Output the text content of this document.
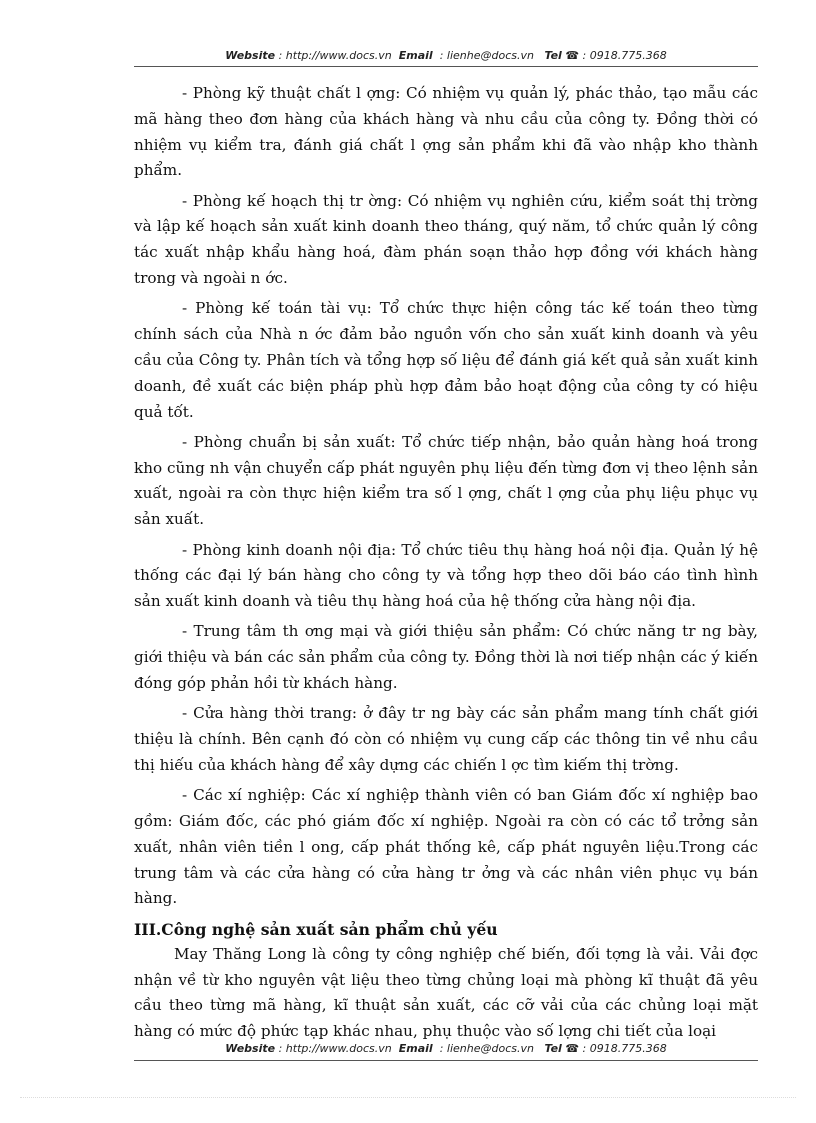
Website : http://www.docs.vn Email : lienhe@docs.vn Tel ☎ : 0918.775.368

- Phòng kỹ thuật chất l ợng: Có nhiệm vụ quản lý, phác thảo, tạo mẫu các mã hàng theo đơn hàng của khách hàng và nhu cầu của công ty. Đồng thời có nhiệm vụ kiểm tra, đánh giá chất l ợng sản phẩm khi đã vào nhập kho thành phẩm.

- Phòng kế hoạch thị tr ờng: Có nhiệm vụ nghiên cứu, kiểm soát thị trờng và lập kế hoạch sản xuất kinh doanh theo tháng, quý năm, tổ chức quản lý công tác xuất nhập khẩu hàng hoá, đàm phán soạn thảo hợp đồng với khách hàng trong và ngoài n ớc.

- Phòng kế toán tài vụ: Tổ chức thực hiện công tác kế toán theo từng chính sách của Nhà n ớc đảm bảo nguồn vốn cho sản xuất kinh doanh và yêu cầu của Công ty. Phân tích và tổng hợp số liệu để đánh giá kết quả sản xuất kinh doanh, đề xuất các biện pháp phù hợp đảm bảo hoạt động của công ty có hiệu quả tốt.

- Phòng chuẩn bị sản xuất: Tổ chức tiếp nhận, bảo quản hàng hoá trong kho cũng nh vận chuyển cấp phát nguyên phụ liệu đến từng đơn vị theo lệnh sản xuất, ngoài ra còn thực hiện kiểm tra số l ợng, chất l ợng của phụ liệu phục vụ sản xuất.

- Phòng kinh doanh nội địa: Tổ chức tiêu thụ hàng hoá nội địa. Quản lý hệ thống các đại lý bán hàng cho công ty và tổng hợp theo dõi báo cáo tình hình sản xuất kinh doanh và tiêu thụ hàng hoá của hệ thống cửa hàng nội địa.

- Trung tâm th ơng mại và giới thiệu sản phẩm: Có chức năng tr ng bày, giới thiệu và bán các sản phẩm của công ty. Đồng thời là nơi tiếp nhận các ý kiến đóng góp phản hồi từ khách hàng.

- Cửa hàng thời trang: ở đây tr ng bày các sản phẩm mang tính chất giới thiệu là chính. Bên cạnh đó còn có nhiệm vụ cung cấp các thông tin về nhu cầu thị hiếu của khách hàng để xây dựng các chiến l ợc tìm kiếm thị trờng.

- Các xí nghiệp: Các xí nghiệp thành viên có ban Giám đốc xí nghiệp bao gồm: Giám đốc, các phó giám đốc xí nghiệp. Ngoài ra còn có các tổ trởng sản xuất, nhân viên tiền l ong, cấp phát thống kê, cấp phát nguyên liệu.Trong các trung tâm và các cửa hàng có cửa hàng tr ởng và các nhân viên phục vụ bán hàng.

III.Công nghệ sản xuất sản phẩm chủ yếu

May Thăng Long là công ty công nghiệp chế biến, đối tợng là vải. Vải đợc nhận về từ kho nguyên vật liệu theo từng chủng loại mà phòng kĩ thuật đã yêu cầu theo từng mã hàng, kĩ thuật sản xuất, các cỡ vải của các chủng loại mặt hàng có mức độ phức tạp khác nhau, phụ thuộc vào số lợng chi tiết của loại

Website : http://www.docs.vn Email : lienhe@docs.vn Tel ☎ : 0918.775.368
